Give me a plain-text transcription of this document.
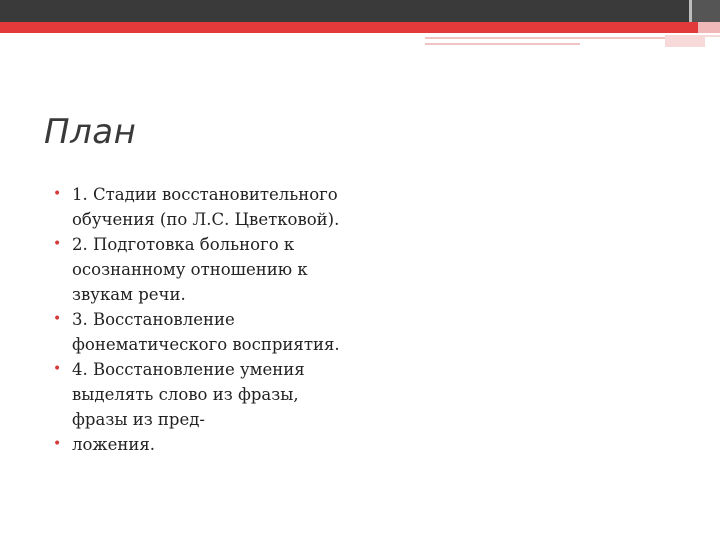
План
• 1. Стадии восстановительного обучения (по Л.С. Цветковой).
• 2. Подготовка больного к осознанному отношению к звукам речи.
• 3. Восстановление фонематического восприятия.
• 4. Восстановление умения выделять слово из фразы, фразы из пред-
• ложения.
